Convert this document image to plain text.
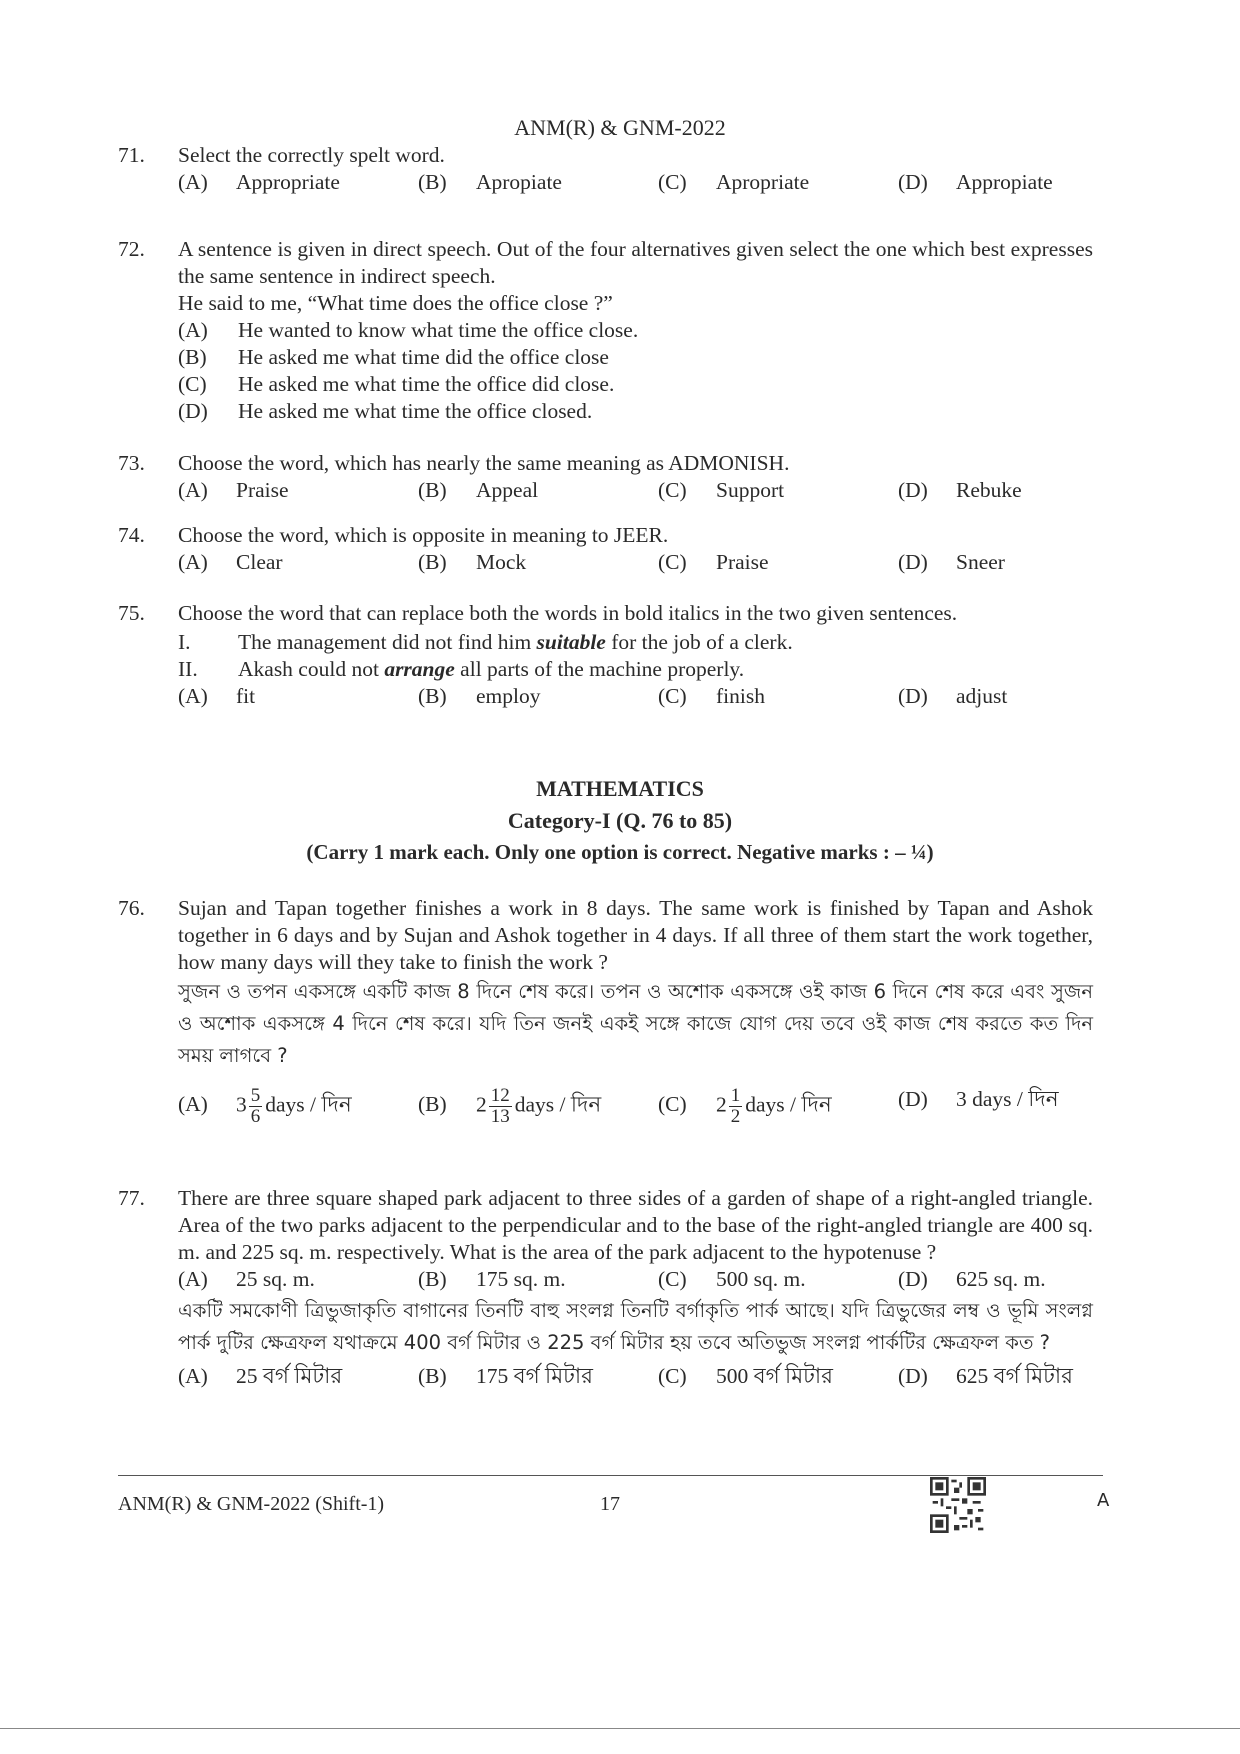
ANM(R) & GNM-2022
71. Select the correctly spelt word.
(A) Appropriate	(B) Apropiate	(C) Apropriate	(D) Appropiate
72. A sentence is given in direct speech. Out of the four alternatives given select the one which best expresses the same sentence in indirect speech.
He said to me, “What time does the office close ?”
(A) He wanted to know what time the office close.
(B) He asked me what time did the office close
(C) He asked me what time the office did close.
(D) He asked me what time the office closed.
73. Choose the word, which has nearly the same meaning as ADMONISH.
(A) Praise	(B) Appeal	(C) Support	(D) Rebuke
74. Choose the word, which is opposite in meaning to JEER.
(A) Clear	(B) Mock	(C) Praise	(D) Sneer
75. Choose the word that can replace both the words in bold italics in the two given sentences.
I. The management did not find him suitable for the job of a clerk.
II. Akash could not arrange all parts of the machine properly.
(A) fit	(B) employ	(C) finish	(D) adjust
MATHEMATICS
Category-I (Q. 76 to 85)
(Carry 1 mark each. Only one option is correct. Negative marks : – ¼)
76. Sujan and Tapan together finishes a work in 8 days. The same work is finished by Tapan and Ashok together in 6 days and by Sujan and Ashok together in 4 days. If all three of them start the work together, how many days will they take to finish the work ?
সুজন ও তপন একসঙ্গে একটি কাজ 8 দিনে শেষ করে। তপন ও অশোক একসঙ্গে ওই কাজ 6 দিনে শেষ করে এবং সুজন ও অশোক একসঙ্গে 4 দিনে শেষ করে। যদি তিন জনই একই সঙ্গে কাজে যোগ দেয় তবে ওই কাজ শেষ করতে কত দিন সময় লাগবে ?
(A) $3 \frac{5}{6}$ days / দিন	(B) $2 \frac{12}{13}$ days / দিন	(C) $2 \frac{1}{2}$ days / দিন	(D) 3 days / দিন
77. There are three square shaped park adjacent to three sides of a garden of shape of a right-angled triangle. Area of the two parks adjacent to the perpendicular and to the base of the right-angled triangle are 400 sq. m. and 225 sq. m. respectively. What is the area of the park adjacent to the hypotenuse ?
(A) 25 sq. m.	(B) 175 sq. m.	(C) 500 sq. m.	(D) 625 sq. m.
একটি সমকোণী ত্রিভুজাকৃতি বাগানের তিনটি বাহু সংলগ্ন তিনটি বর্গাকৃতি পার্ক আছে। যদি ত্রিভুজের লম্ব ও ভূমি সংলগ্ন পার্ক দুটির ক্ষেত্রফল যথাক্রমে 400 বর্গ মিটার ও 225 বর্গ মিটার হয় তবে অতিভুজ সংলগ্ন পার্কটির ক্ষেত্রফল কত ?
(A) 25 বর্গ মিটার	(B) 175 বর্গ মিটার	(C) 500 বর্গ মিটার	(D) 625 বর্গ মিটার
ANM(R) & GNM-2022 (Shift-1)	17	A
